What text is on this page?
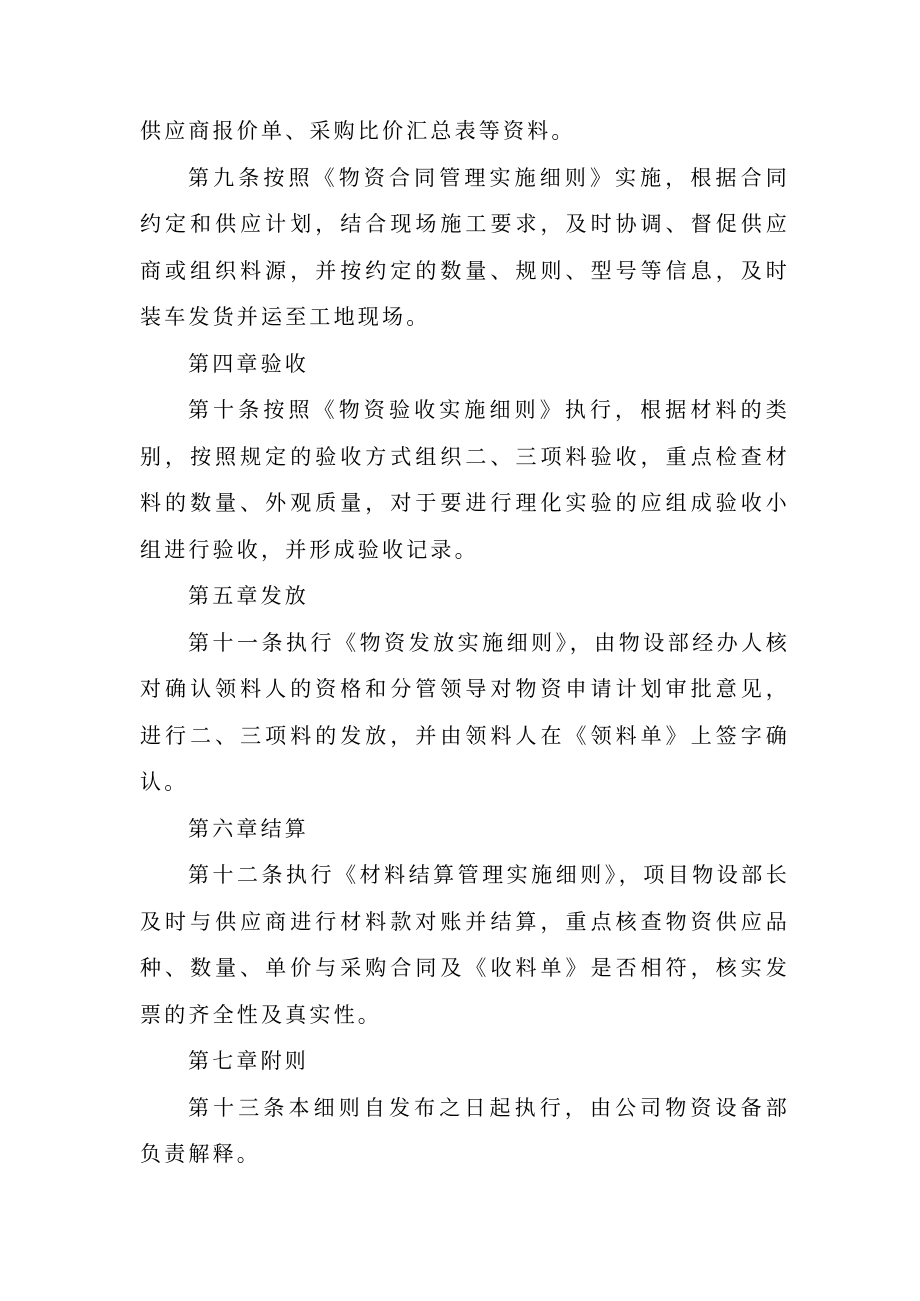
供应商报价单、采购比价汇总表等资料。

第九条按照《物资合同管理实施细则》实施，根据合同约定和供应计划，结合现场施工要求，及时协调、督促供应商或组织料源，并按约定的数量、规则、型号等信息，及时装车发货并运至工地现场。

第四章验收

第十条按照《物资验收实施细则》执行，根据材料的类别，按照规定的验收方式组织二、三项料验收，重点检查材料的数量、外观质量，对于要进行理化实验的应组成验收小组进行验收，并形成验收记录。

第五章发放

第十一条执行《物资发放实施细则》，由物设部经办人核对确认领料人的资格和分管领导对物资申请计划审批意见，进行二、三项料的发放，并由领料人在《领料单》上签字确认。

第六章结算

第十二条执行《材料结算管理实施细则》，项目物设部长及时与供应商进行材料款对账并结算，重点核查物资供应品种、数量、单价与采购合同及《收料单》是否相符，核实发票的齐全性及真实性。

第七章附则

第十三条本细则自发布之日起执行，由公司物资设备部负责解释。
